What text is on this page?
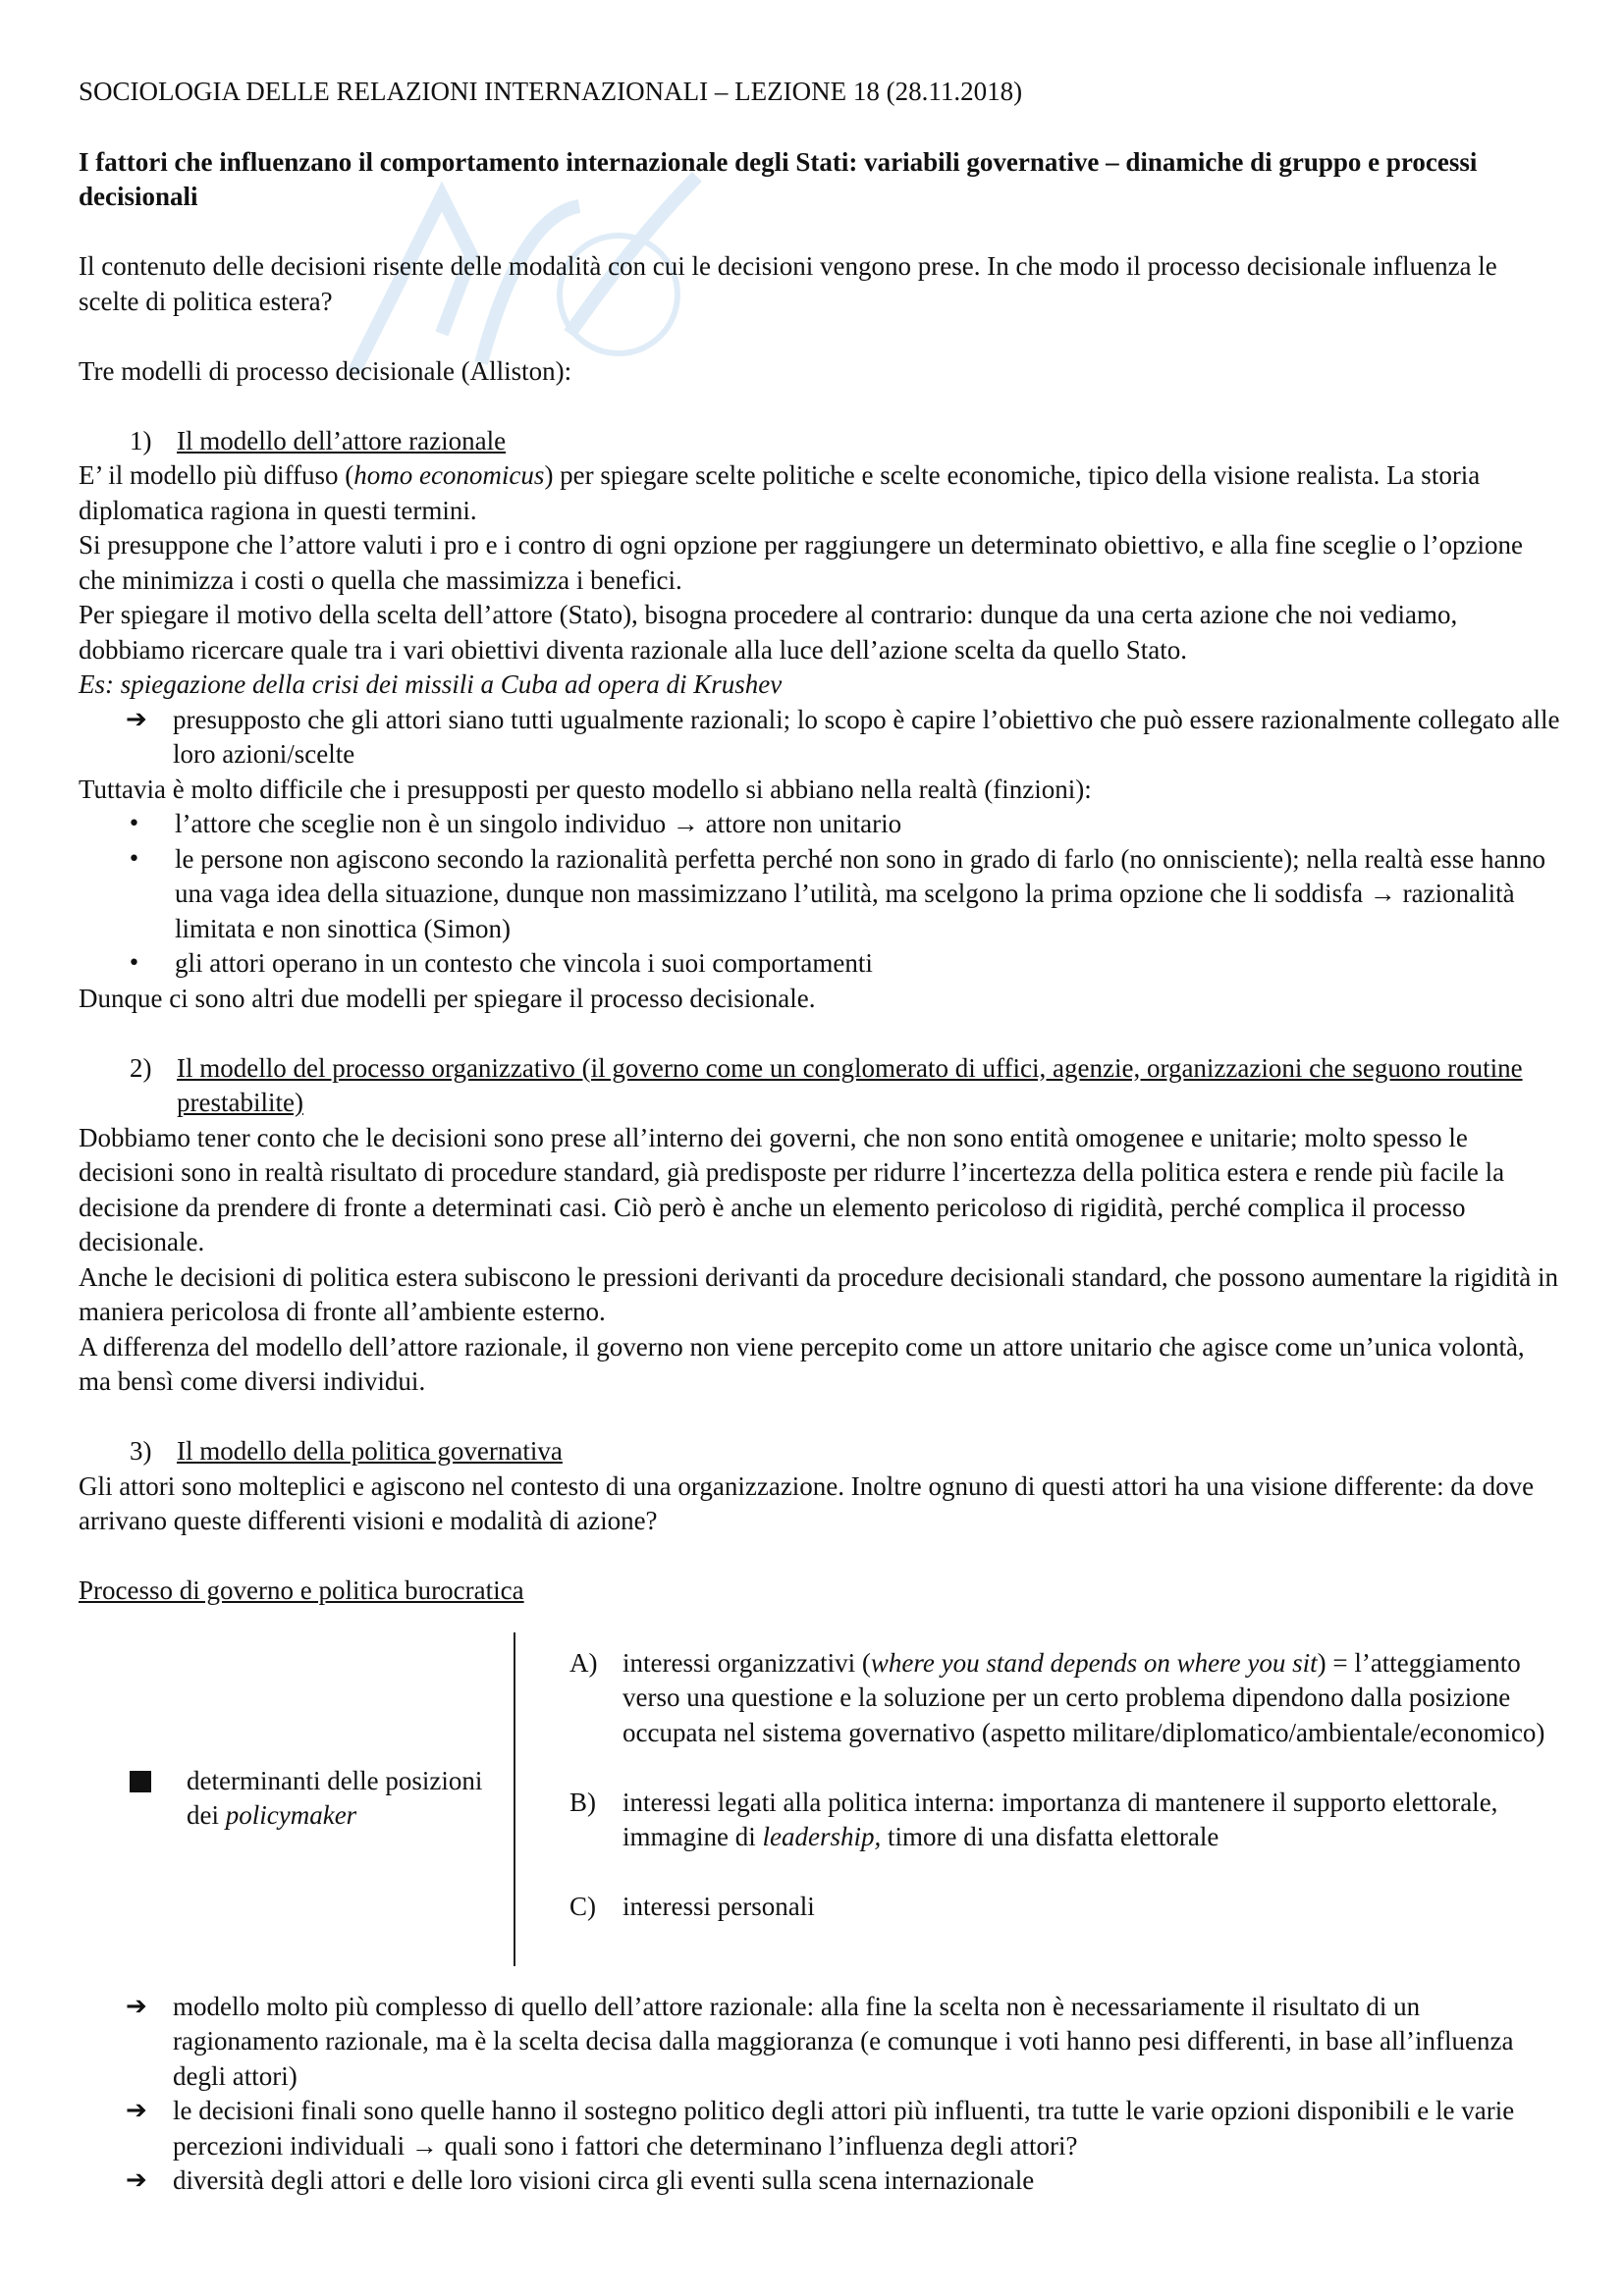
SOCIOLOGIA DELLE RELAZIONI INTERNAZIONALI – LEZIONE 18 (28.11.2018)

I fattori che influenzano il comportamento internazionale degli Stati: variabili governative – dinamiche di gruppo e processi decisionali

Il contenuto delle decisioni risente delle modalità con cui le decisioni vengono prese. In che modo il processo decisionale influenza le scelte di politica estera?

Tre modelli di processo decisionale (Alliston):

1) Il modello dell’attore razionale

E’ il modello più diffuso (homo economicus) per spiegare scelte politiche e scelte economiche, tipico della visione realista. La storia diplomatica ragiona in questi termini.

Si presuppone che l’attore valuti i pro e i contro di ogni opzione per raggiungere un determinato obiettivo, e alla fine sceglie o l’opzione che minimizza i costi o quella che massimizza i benefici.

Per spiegare il motivo della scelta dell’attore (Stato), bisogna procedere al contrario: dunque da una certa azione che noi vediamo, dobbiamo ricercare quale tra i vari obiettivi diventa razionale alla luce dell’azione scelta da quello Stato.

Es: spiegazione della crisi dei missili a Cuba ad opera di Krushev

➔ presupposto che gli attori siano tutti ugualmente razionali; lo scopo è capire l’obiettivo che può essere razionalmente collegato alle loro azioni/scelte

Tuttavia è molto difficile che i presupposti per questo modello si abbiano nella realtà (finzioni):

•	l’attore che sceglie non è un singolo individuo → attore non unitario
•	le persone non agiscono secondo la razionalità perfetta perché non sono in grado di farlo (no onnisciente); nella realtà esse hanno una vaga idea della situazione, dunque non massimizzano l’utilità, ma scelgono la prima opzione che li soddisfa → razionalità limitata e non sinottica (Simon)
•	gli attori operano in un contesto che vincola i suoi comportamenti

Dunque ci sono altri due modelli per spiegare il processo decisionale.

2) Il modello del processo organizzativo (il governo come un conglomerato di uffici, agenzie, organizzazioni che seguono routine prestabilite)

Dobbiamo tener conto che le decisioni sono prese all’interno dei governi, che non sono entità omogenee e unitarie; molto spesso le decisioni sono in realtà risultato di procedure standard, già predisposte per ridurre l’incertezza della politica estera e rende più facile la decisione da prendere di fronte a determinati casi. Ciò però è anche un elemento pericoloso di rigidità, perché complica il processo decisionale.

Anche le decisioni di politica estera subiscono le pressioni derivanti da procedure decisionali standard, che possono aumentare la rigidità in maniera pericolosa di fronte all’ambiente esterno.

A differenza del modello dell’attore razionale, il governo non viene percepito come un attore unitario che agisce come un’unica volontà, ma bensì come diversi individui.

3) Il modello della politica governativa

Gli attori sono molteplici e agiscono nel contesto di una organizzazione. Inoltre ognuno di questi attori ha una visione differente: da dove arrivano queste differenti visioni e modalità di azione?

Processo di governo e politica burocratica

determinanti delle posizioni dei policymaker
A) interessi organizzativi (where you stand depends on where you sit) = l’atteggiamento verso una questione e la soluzione per un certo problema dipendono dalla posizione occupata nel sistema governativo (aspetto militare/diplomatico/ambientale/economico)
B)	interessi legati alla politica interna: importanza di mantenere il supporto elettorale, immagine di leadership, timore di una disfatta elettorale
C)	interessi personali
➔ modello molto più complesso di quello dell’attore razionale: alla fine la scelta non è necessariamente il risultato di un ragionamento razionale, ma è la scelta decisa dalla maggioranza (e comunque i voti hanno pesi differenti, in base all’influenza degli attori)
➔ le decisioni finali sono quelle hanno il sostegno politico degli attori più influenti, tra tutte le varie opzioni disponibili e le varie percezioni individuali → quali sono i fattori che determinano l’influenza degli attori?
➔ diversità degli attori e delle loro visioni circa gli eventi sulla scena internazionale
